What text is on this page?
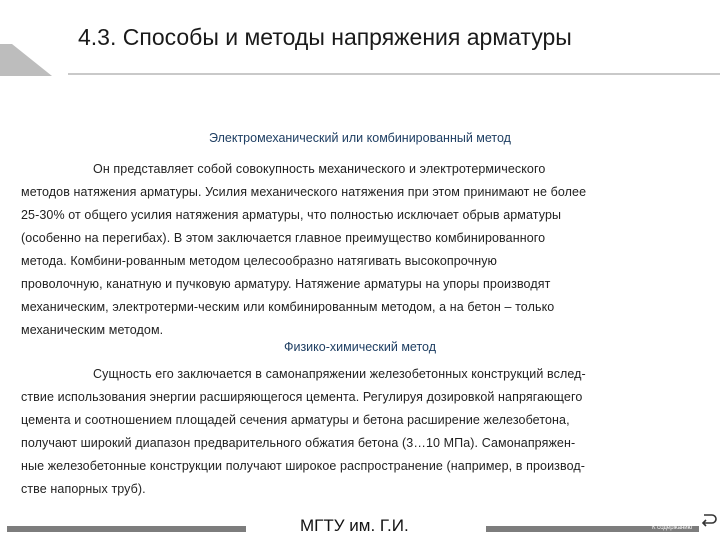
4.3. Способы и методы напряжения арматуры
Электромеханический или комбинированный метод
Он представляет собой совокупность механического и электротермического
методов натяжения арматуры. Усилия механического натяжения при этом принимают не более
25-30% от общего усилия натяжения арматуры, что полностью исключает обрыв арматуры
(особенно на перегибах). В этом заключается главное преимущество комбинированного
метода. Комбини-рованным методом целесообразно натягивать высокопрочную
проволочную, канатную и пучковую арматуру. Натяжение арматуры на упоры производят
механическим, электротерми-ческим или комбинированным методом, а на бетон – только
механическим методом.
Физико-химический метод
Сущность его заключается в самонапряжении железобетонных конструкций вслед-
ствие использования энергии расширяющегося цемента. Регулируя дозировкой напрягающего
цемента и соотношением площадей сечения арматуры и бетона расширение железобетона,
получают широкий диапазон предварительного обжатия бетона (3…10 МПа). Самонапряжен-
ные железобетонные конструкции получают широкое распространение (например, в производ-
стве напорных труб).
МГТУ им. Г.И.	К содержанию
